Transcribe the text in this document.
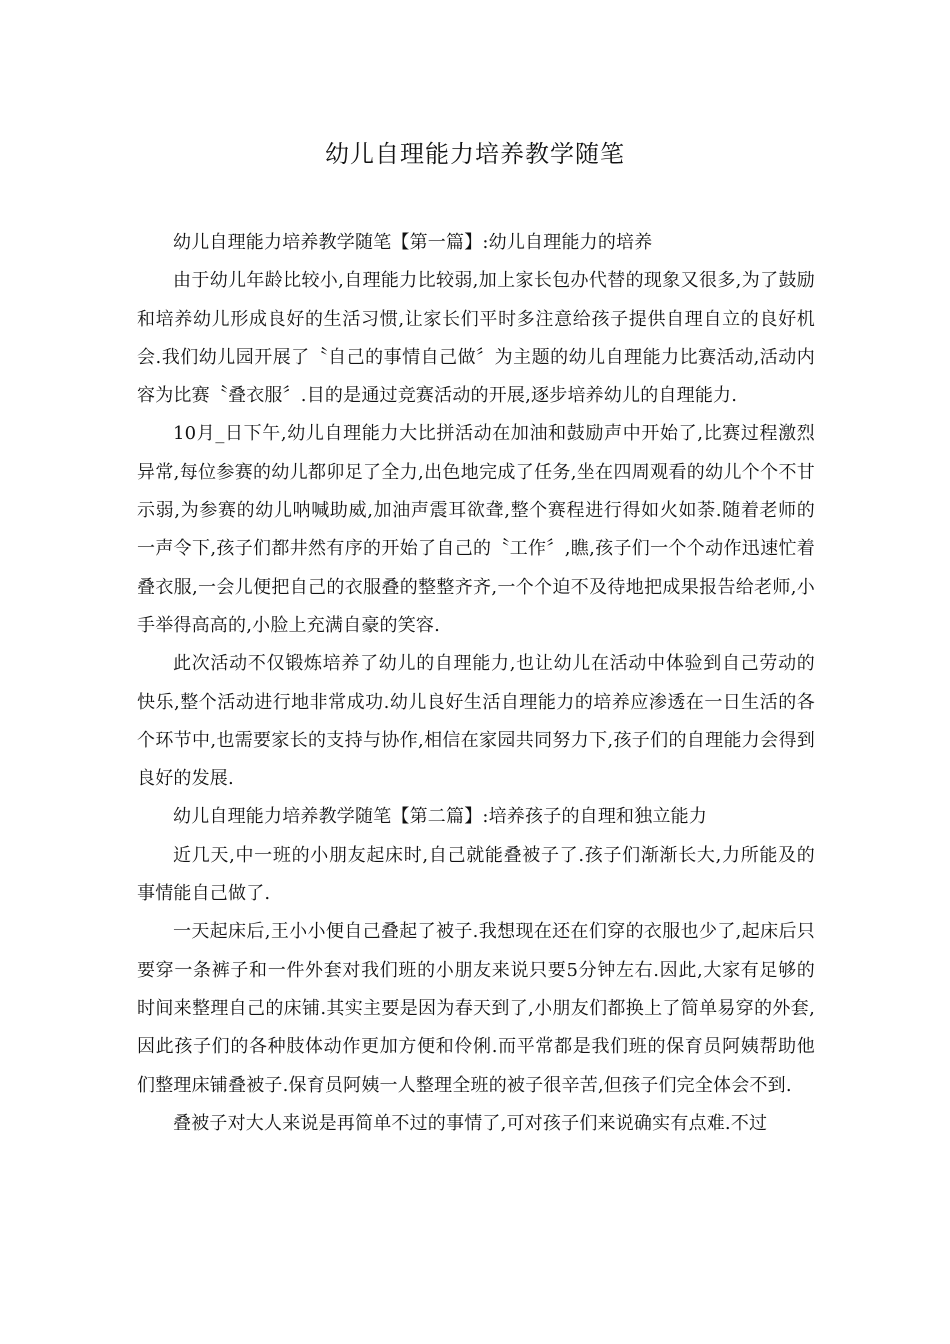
幼儿自理能力培养教学随笔

幼儿自理能力培养教学随笔【第一篇】:幼儿自理能力的培养

由于幼儿年龄比较小,自理能力比较弱,加上家长包办代替的现象又很多,为了鼓励和培养幼儿形成良好的生活习惯,让家长们平时多注意给孩子提供自理自立的良好机会.我们幼儿园开展了〝自己的事情自己做〞为主题的幼儿自理能力比赛活动,活动内容为比赛〝叠衣服〞.目的是通过竞赛活动的开展,逐步培养幼儿的自理能力.

10月_日下午,幼儿自理能力大比拼活动在加油和鼓励声中开始了,比赛过程激烈异常,每位参赛的幼儿都卯足了全力,出色地完成了任务,坐在四周观看的幼儿个个不甘示弱,为参赛的幼儿呐喊助威,加油声震耳欲聋,整个赛程进行得如火如荼.随着老师的一声令下,孩子们都井然有序的开始了自己的〝工作〞,瞧,孩子们一个个动作迅速忙着叠衣服,一会儿便把自己的衣服叠的整整齐齐,一个个迫不及待地把成果报告给老师,小手举得高高的,小脸上充满自豪的笑容.

此次活动不仅锻炼培养了幼儿的自理能力,也让幼儿在活动中体验到自己劳动的快乐,整个活动进行地非常成功.幼儿良好生活自理能力的培养应渗透在一日生活的各个环节中,也需要家长的支持与协作,相信在家园共同努力下,孩子们的自理能力会得到良好的发展.

幼儿自理能力培养教学随笔【第二篇】:培养孩子的自理和独立能力

近几天,中一班的小朋友起床时,自己就能叠被子了.孩子们渐渐长大,力所能及的事情能自己做了.

一天起床后,王小小便自己叠起了被子.我想现在还在们穿的衣服也少了,起床后只要穿一条裤子和一件外套对我们班的小朋友来说只要5分钟左右.因此,大家有足够的时间来整理自己的床铺.其实主要是因为春天到了,小朋友们都换上了简单易穿的外套,因此孩子们的各种肢体动作更加方便和伶俐.而平常都是我们班的保育员阿姨帮助他们整理床铺叠被子.保育员阿姨一人整理全班的被子很辛苦,但孩子们完全体会不到.

叠被子对大人来说是再简单不过的事情了,可对孩子们来说确实有点难.不过
